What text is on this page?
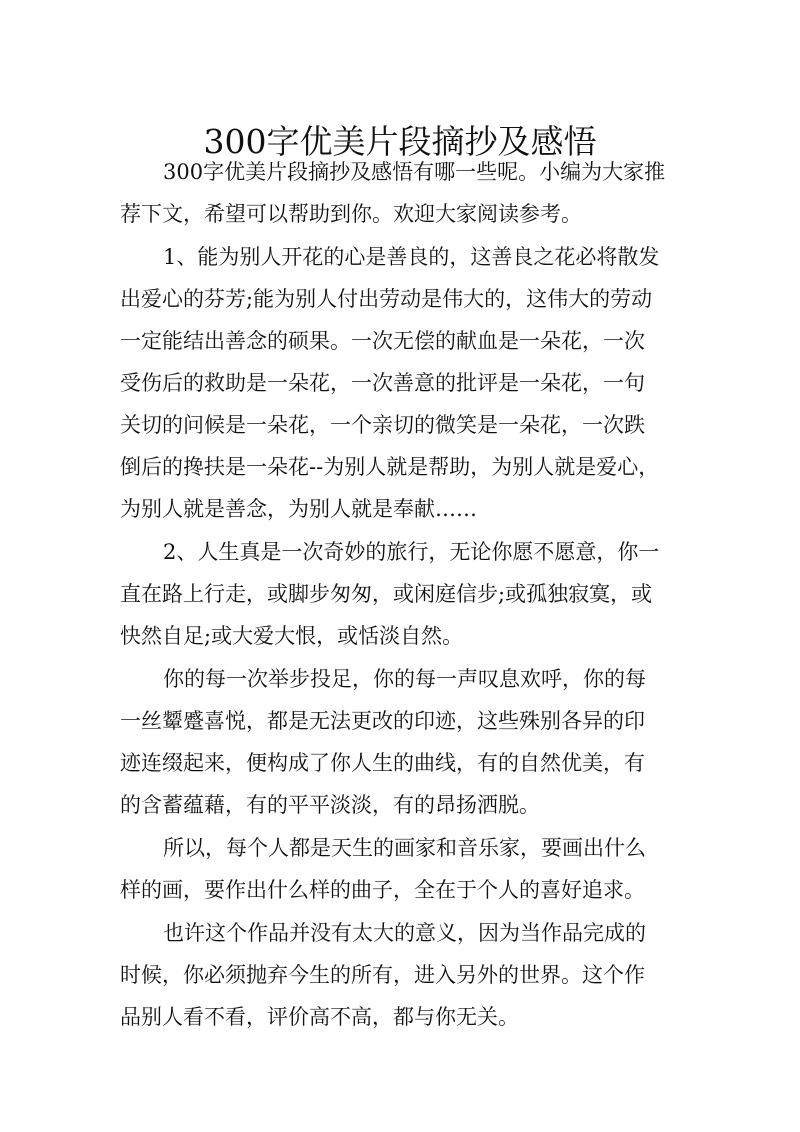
300字优美片段摘抄及感悟
300字优美片段摘抄及感悟有哪一些呢。小编为大家推
荐下文，希望可以帮助到你。欢迎大家阅读参考。
1、能为别人开花的心是善良的，这善良之花必将散发
出爱心的芬芳;能为别人付出劳动是伟大的，这伟大的劳动
一定能结出善念的硕果。一次无偿的献血是一朵花，一次
受伤后的救助是一朵花，一次善意的批评是一朵花，一句
关切的问候是一朵花，一个亲切的微笑是一朵花，一次跌
倒后的搀扶是一朵花--为别人就是帮助，为别人就是爱心，
为别人就是善念，为别人就是奉献……
2、人生真是一次奇妙的旅行，无论你愿不愿意，你一
直在路上行走，或脚步匆匆，或闲庭信步;或孤独寂寞，或
快然自足;或大爱大恨，或恬淡自然。
你的每一次举步投足，你的每一声叹息欢呼，你的每
一丝颦蹙喜悦，都是无法更改的印迹，这些殊别各异的印
迹连缀起来，便构成了你人生的曲线，有的自然优美，有
的含蓄蕴藉，有的平平淡淡，有的昂扬洒脱。
所以，每个人都是天生的画家和音乐家，要画出什么
样的画，要作出什么样的曲子，全在于个人的喜好追求。
也许这个作品并没有太大的意义，因为当作品完成的
时候，你必须抛弃今生的所有，进入另外的世界。这个作
品别人看不看，评价高不高，都与你无关。
